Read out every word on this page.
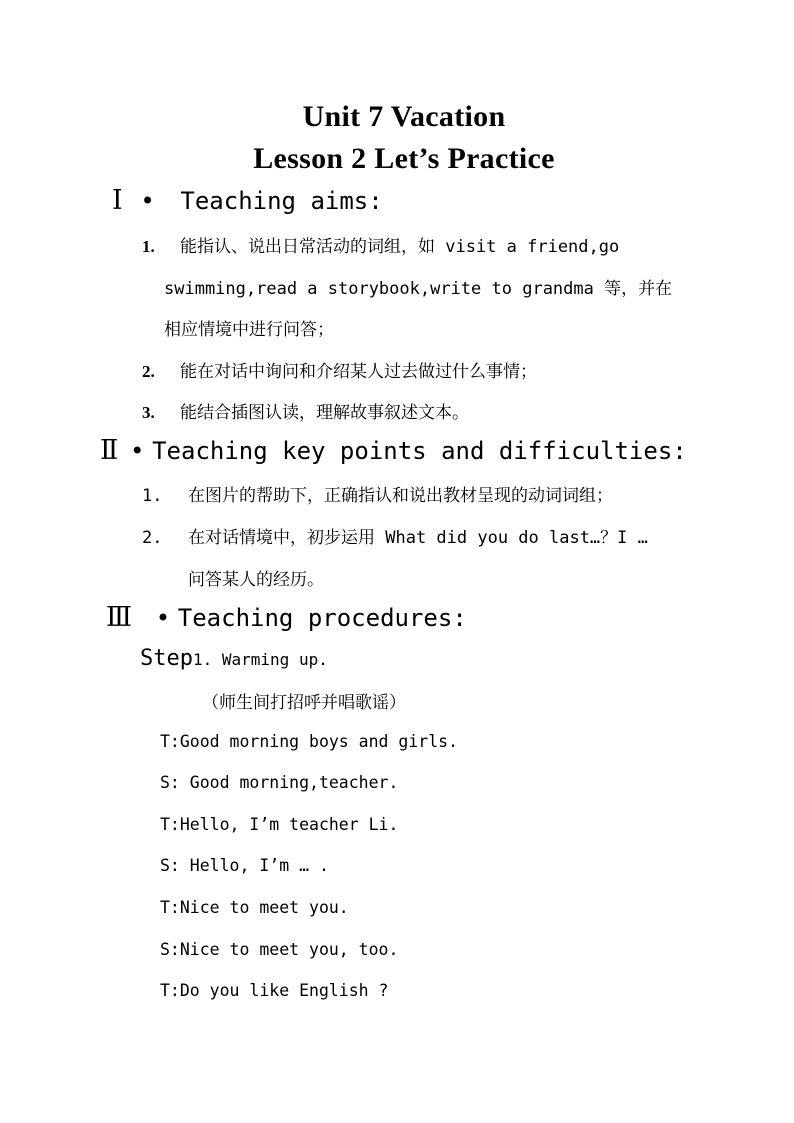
Unit 7 Vacation
Lesson 2 Let’s Practice
Ⅰ • Teaching aims:
1. 能指认、说出日常活动的词组，如 visit a friend,go
swimming,read a storybook,write to grandma 等，并在
相应情境中进行问答；
2. 能在对话中询问和介绍某人过去做过什么事情；
3. 能结合插图认读，理解故事叙述文本。
Ⅱ • Teaching key points and difficulties:
1. 在图片的帮助下，正确指认和说出教材呈现的动词词组；
2. 在对话情境中，初步运用 What did you do last…？I …
问答某人的经历。
Ⅲ • Teaching procedures:
Step1. Warming up.
（师生间打招呼并唱歌谣）
T:Good morning boys and girls.
S: Good morning,teacher.
T:Hello, I’m teacher Li.
S: Hello, I’m … .
T:Nice to meet you.
S:Nice to meet you, too.
T:Do you like English ?
